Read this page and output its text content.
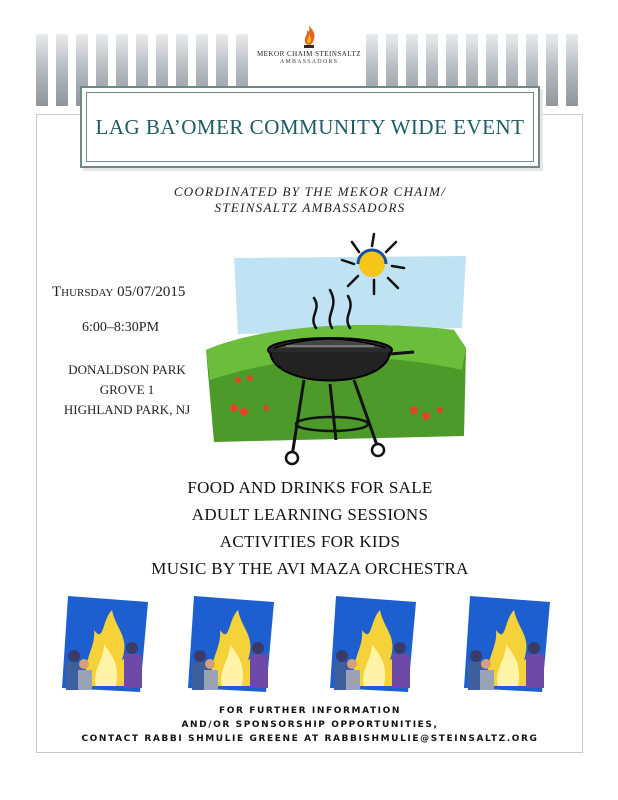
MEKOR CHAIM STEINSALTZ
AMBASSADORS
LAG BA’OMER COMMUNITY WIDE EVENT
COORDINATED BY THE MEKOR CHAIM/
STEINSALTZ AMBASSADORS
Thursday 05/07/2015
6:00–8:30PM
DONALDSON PARK
GROVE 1
HIGHLAND PARK, NJ
FOOD AND DRINKS FOR SALE
ADULT LEARNING SESSIONS
ACTIVITIES FOR KIDS
MUSIC BY THE AVI MAZA ORCHESTRA
FOR FURTHER INFORMATION
AND/OR SPONSORSHIP OPPORTUNITIES,
CONTACT RABBI SHMULIE GREENE AT RABBISHMULIE@STEINSALTZ.ORG
